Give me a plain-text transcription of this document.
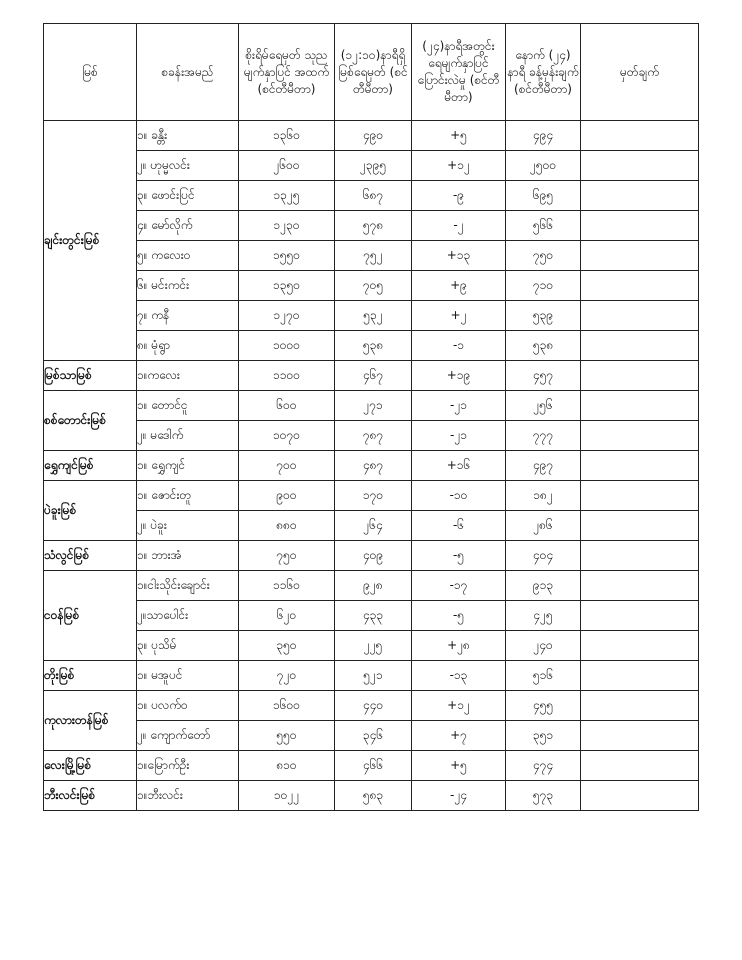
မြစ်	စခန်းအမည်	စိုးရိမ်ရေမှတ် သုညမျက်နှာပြင် အထက် (စင်တီမီတာ)	(၁၂:၁၀)နာရီရှိ မြစ်ရေမှတ် (စင်တီမီတာ)	(၂၄)နာရီအတွင်း ရေမျက်နှာပြင် ပြောင်းလဲမှု (စင်တီမီတာ)	နောက် (၂၄) နာရီ ခန့်မှန်းချက် (စင်တီမီတာ)	မှတ်ချက်
ချင်းတွင်းမြစ်	၁။ ခန္တီး	၁၃၆၀	၄၉၀	+၅	၄၉၄	
	၂။ ဟုမ္မလင်း	၂၆၀၀	၂၃၉၅	+၁၂	၂၅၀၀	
	၃။ ဖောင်းပြင်	၁၃၂၅	၆၈၇	-၉	၆၉၅	
	၄။ မော်လိုက်	၁၂၃၀	၅၇၈	-၂	၅၆၆	
	၅။ ကလေးဝ	၁၅၅၀	၇၅၂	+၁၃	၇၅၀	
	၆။ မင်းကင်း	၁၃၅၀	၇၀၅	+၉	၇၁၀	
	၇။ ကနီ	၁၂၇၀	၅၃၂	+၂	၅၃၉	
	၈။ မုံရွာ	၁၀၀၀	၅၃၈	-၁	၅၃၈	
မြစ်သာမြစ်	၁။ကလေး	၁၁၀၀	၄၆၇	+၁၉	၄၅၇	
စစ်တောင်းမြစ်	၁။ တောင်ငူ	၆၀၀	၂၇၁	-၂၁	၂၅၆	
	၂။ မဒေါက်	၁၀၇၀	၇၈၇	-၂၁	၇၇၇	
ရွှေကျင်မြစ်	၁။ ရွှေကျင်	၇၀၀	၄၈၇	+၁၆	၄၉၇	
ပဲခူးမြစ်	၁။ ဇောင်းတူ	၉၀၀	၁၇၀	-၁၀	၁၈၂	
	၂။ ပဲခူး	၈၈၀	၂၆၄	-၆	၂၈၆	
သံလွင်မြစ်	၁။ ဘားအံ	၇၅၀	၄၀၉	-၅	၄၀၄	
ငဝန်မြစ်	၁။ငါးသိုင်းချောင်း	၁၁၆၀	၉၂၈	-၁၇	၉၁၃	
	၂။သာပေါင်း	၆၂၀	၄၃၃	-၅	၄၂၅	
	၃။ ပုသိမ်	၃၅၀	၂၂၅	+၂၈	၂၄၀	
တိုးမြစ်	၁။ မအူပင်	၇၂၀	၅၂၁	-၁၃	၅၁၆	
ကုလားတန်မြစ်	၁။ ပလက်ဝ	၁၆၀၀	၄၄၀	+၁၂	၄၅၅	
	၂။ ကျောက်တော်	၅၅၀	၃၄၆	+၇	၃၅၁	
လေးမြို့မြစ်	၁။မြောက်ဦး	၈၁၀	၄၆၆	+၅	၄၇၄	
ဘီးလင်းမြစ်	၁။ဘီးလင်း	၁၀၂၂	၅၈၃	-၂၄	၅၇၃	
